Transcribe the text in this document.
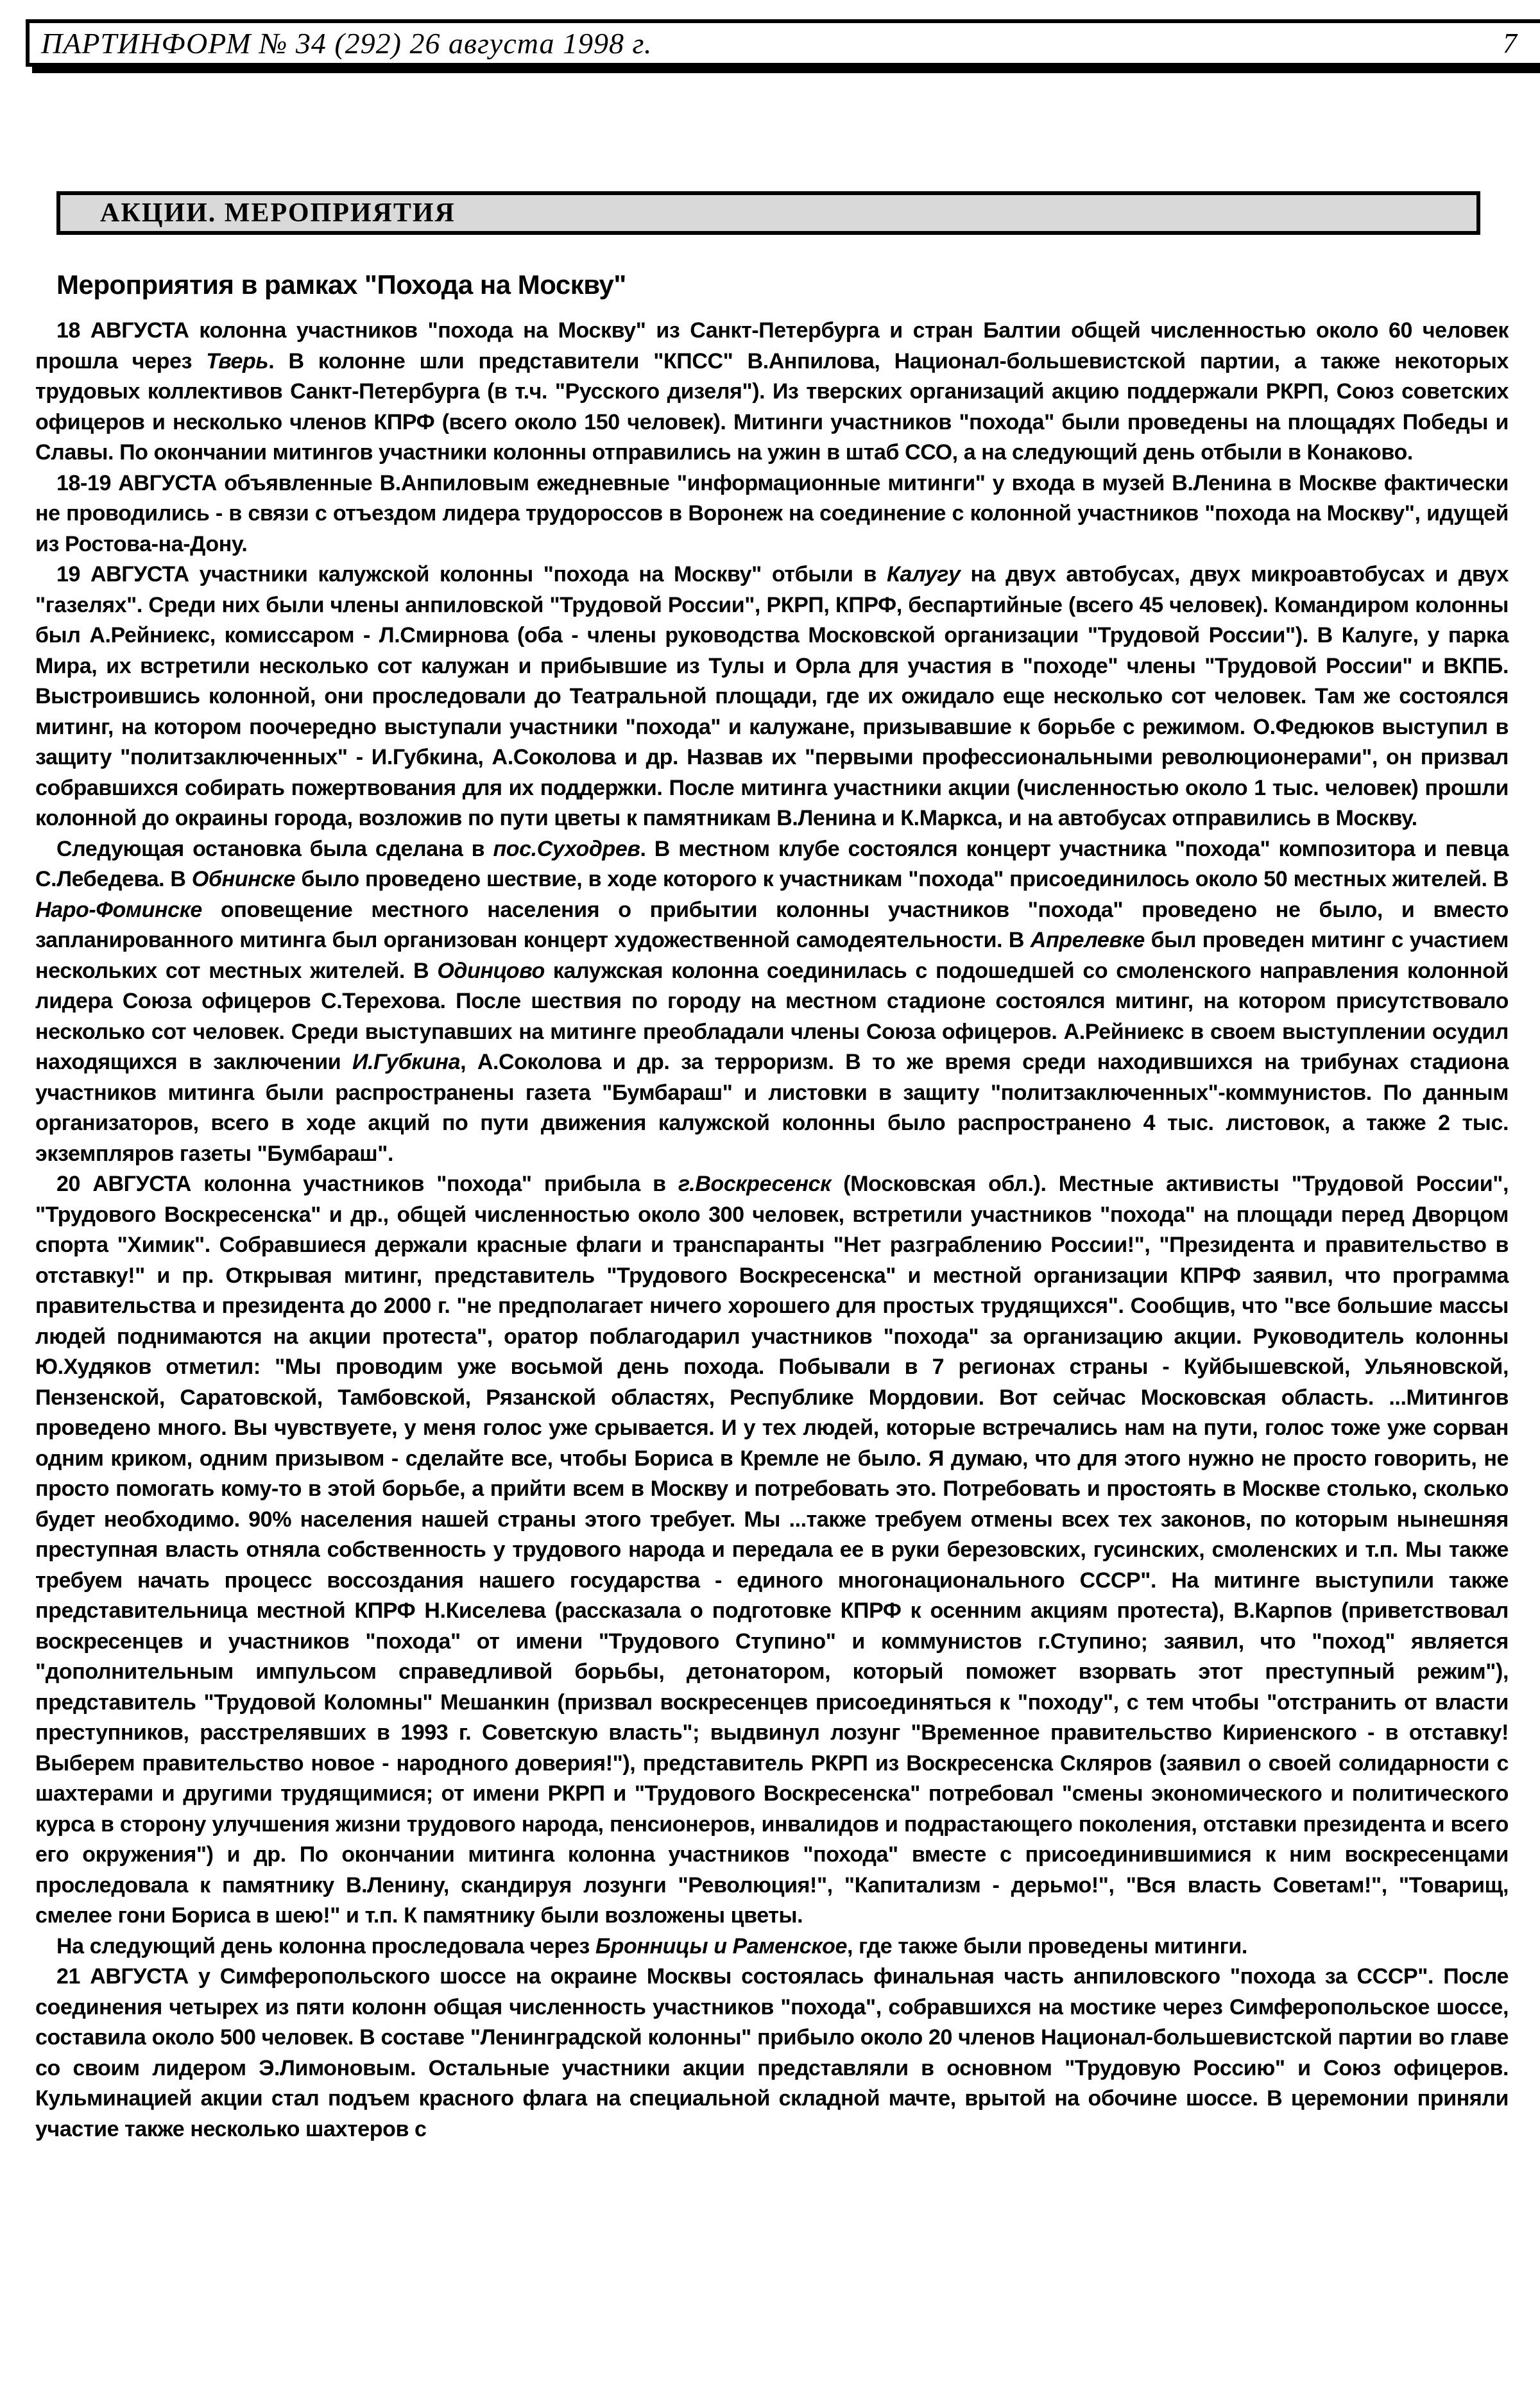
ПАРТИНФОРМ № 34 (292) 26 августа 1998 г.	7
АКЦИИ. МЕРОПРИЯТИЯ
Мероприятия в рамках "Похода на Москву"

18 АВГУСТА колонна участников "похода на Москву" из Санкт-Петербурга и стран Балтии общей численностью около 60 человек прошла через Тверь. В колонне шли представители "КПСС" В.Анпилова, Национал-большевистской партии, а также некоторых трудовых коллективов Санкт-Петербурга (в т.ч. "Русского дизеля"). Из тверских организаций акцию поддержали РКРП, Союз советских офицеров и несколько членов КПРФ (всего около 150 человек). Митинги участников "похода" были проведены на площадях Победы и Славы. По окончании митингов участники колонны отправились на ужин в штаб ССО, а на следующий день отбыли в Конаково.

18-19 АВГУСТА объявленные В.Анпиловым ежедневные "информационные митинги" у входа в музей В.Ленина в Москве фактически не проводились - в связи с отъездом лидера трудороссов в Воронеж на соединение с колонной участников "похода на Москву", идущей из Ростова-на-Дону.

19 АВГУСТА участники калужской колонны "похода на Москву" отбыли в Калугу на двух автобусах, двух микроавтобусах и двух "газелях". Среди них были члены анпиловской "Трудовой России", РКРП, КПРФ, беспартийные (всего 45 человек). Командиром колонны был А.Рейниекс, комиссаром - Л.Смирнова (оба - члены руководства Московской организации "Трудовой России"). В Калуге, у парка Мира, их встретили несколько сот калужан и прибывшие из Тулы и Орла для участия в "походе" члены "Трудовой России" и ВКПБ. Выстроившись колонной, они проследовали до Театральной площади, где их ожидало еще несколько сот человек. Там же состоялся митинг, на котором поочередно выступали участники "похода" и калужане, призывавшие к борьбе с режимом. О.Федюков выступил в защиту "политзаключенных" - И.Губкина, А.Соколова и др. Назвав их "первыми профессиональными революционерами", он призвал собравшихся собирать пожертвования для их поддержки. После митинга участники акции (численностью около 1 тыс. человек) прошли колонной до окраины города, возложив по пути цветы к памятникам В.Ленина и К.Маркса, и на автобусах отправились в Москву.

Следующая остановка была сделана в пос.Суходрев. В местном клубе состоялся концерт участника "похода" композитора и певца С.Лебедева. В Обнинске было проведено шествие, в ходе которого к участникам "похода" присоединилось около 50 местных жителей. В Наро-Фоминске оповещение местного населения о прибытии колонны участников "похода" проведено не было, и вместо запланированного митинга был организован концерт художественной самодеятельности. В Апрелевке был проведен митинг с участием нескольких сот местных жителей. В Одинцово калужская колонна соединилась с подошедшей со смоленского направления колонной лидера Союза офицеров С.Терехова. После шествия по городу на местном стадионе состоялся митинг, на котором присутствовало несколько сот человек. Среди выступавших на митинге преобладали члены Союза офицеров. А.Рейниекс в своем выступлении осудил находящихся в заключении И.Губкина, А.Соколова и др. за терроризм. В то же время среди находившихся на трибунах стадиона участников митинга были распространены газета "Бумбараш" и листовки в защиту "политзаключенных"-коммунистов. По данным организаторов, всего в ходе акций по пути движения калужской колонны было распространено 4 тыс. листовок, а также 2 тыс. экземпляров газеты "Бумбараш".

20 АВГУСТА колонна участников "похода" прибыла в г.Воскресенск (Московская обл.). Местные активисты "Трудовой России", "Трудового Воскресенска" и др., общей численностью около 300 человек, встретили участников "похода" на площади перед Дворцом спорта "Химик". Собравшиеся держали красные флаги и транспаранты "Нет разграблению России!", "Президента и правительство в отставку!" и пр. Открывая митинг, представитель "Трудового Воскресенска" и местной организации КПРФ заявил, что программа правительства и президента до 2000 г. "не предполагает ничего хорошего для простых трудящихся". Сообщив, что "все большие массы людей поднимаются на акции протеста", оратор поблагодарил участников "похода" за организацию акции. Руководитель колонны Ю.Худяков отметил: "Мы проводим уже восьмой день похода. Побывали в 7 регионах страны - Куйбышевской, Ульяновской, Пензенской, Саратовской, Тамбовской, Рязанской областях, Республике Мордовии. Вот сейчас Московская область. ...Митингов проведено много. Вы чувствуете, у меня голос уже срывается. И у тех людей, которые встречались нам на пути, голос тоже уже сорван одним криком, одним призывом - сделайте все, чтобы Бориса в Кремле не было. Я думаю, что для этого нужно не просто говорить, не просто помогать кому-то в этой борьбе, а прийти всем в Москву и потребовать это. Потребовать и простоять в Москве столько, сколько будет необходимо. 90% населения нашей страны этого требует. Мы ...также требуем отмены всех тех законов, по которым нынешняя преступная власть отняла собственность у трудового народа и передала ее в руки березовских, гусинских, смоленских и т.п. Мы также требуем начать процесс воссоздания нашего государства - единого многонационального СССР". На митинге выступили также представительница местной КПРФ Н.Киселева (рассказала о подготовке КПРФ к осенним акциям протеста), В.Карпов (приветствовал воскресенцев и участников "похода" от имени "Трудового Ступино" и коммунистов г.Ступино; заявил, что "поход" является "дополнительным импульсом справедливой борьбы, детонатором, который поможет взорвать этот преступный режим"), представитель "Трудовой Коломны" Мешанкин (призвал воскресенцев присоединяться к "походу", с тем чтобы "отстранить от власти преступников, расстрелявших в 1993 г. Советскую власть"; выдвинул лозунг "Временное правительство Кириенского - в отставку! Выберем правительство новое - народного доверия!"), представитель РКРП из Воскресенска Скляров (заявил о своей солидарности с шахтерами и другими трудящимися; от имени РКРП и "Трудового Воскресенска" потребовал "смены экономического и политического курса в сторону улучшения жизни трудового народа, пенсионеров, инвалидов и подрастающего поколения, отставки президента и всего его окружения") и др. По окончании митинга колонна участников "похода" вместе с присоединившимися к ним воскресенцами проследовала к памятнику В.Ленину, скандируя лозунги "Революция!", "Капитализм - дерьмо!", "Вся власть Советам!", "Товарищ, смелее гони Бориса в шею!" и т.п. К памятнику были возложены цветы.

На следующий день колонна проследовала через Бронницы и Раменское, где также были проведены митинги.

21 АВГУСТА у Симферопольского шоссе на окраине Москвы состоялась финальная часть анпиловского "похода за СССР". После соединения четырех из пяти колонн общая численность участников "похода", собравшихся на мостике через Симферопольское шоссе, составила около 500 человек. В составе "Ленинградской колонны" прибыло около 20 членов Национал-большевистской партии во главе со своим лидером Э.Лимоновым. Остальные участники акции представляли в основном "Трудовую Россию" и Союз офицеров. Кульминацией акции стал подъем красного флага на специальной складной мачте, врытой на обочине шоссе. В церемонии приняли участие также несколько шахтеров с
